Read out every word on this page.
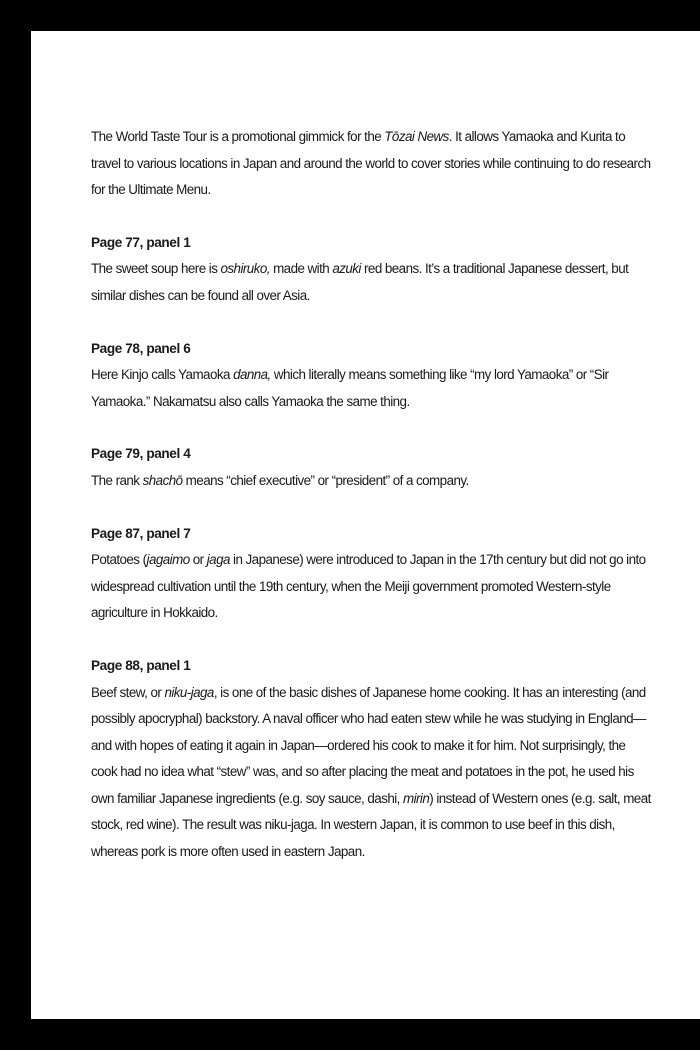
The World Taste Tour is a promotional gimmick for the Tōzai News. It allows Yamaoka and Kurita to travel to various locations in Japan and around the world to cover stories while continuing to do research for the Ultimate Menu.

Page 77, panel 1

The sweet soup here is oshiruko, made with azuki red beans. It’s a traditional Japanese dessert, but similar dishes can be found all over Asia.

Page 78, panel 6

Here Kinjo calls Yamaoka danna, which literally means something like “my lord Yamaoka” or “Sir Yamaoka.” Nakamatsu also calls Yamaoka the same thing.

Page 79, panel 4

The rank shachō means “chief executive” or “president” of a company.

Page 87, panel 7

Potatoes (jagaimo or jaga in Japanese) were introduced to Japan in the 17th century but did not go into widespread cultivation until the 19th century, when the Meiji government promoted Western-style agriculture in Hokkaido.

Page 88, panel 1

Beef stew, or niku-jaga, is one of the basic dishes of Japanese home cooking. It has an interesting (and possibly apocryphal) backstory. A naval officer who had eaten stew while he was studying in England—and with hopes of eating it again in Japan—ordered his cook to make it for him. Not surprisingly, the cook had no idea what “stew” was, and so after placing the meat and potatoes in the pot, he used his own familiar Japanese ingredients (e.g. soy sauce, dashi, mirin) instead of Western ones (e.g. salt, meat stock, red wine). The result was niku-jaga. In western Japan, it is common to use beef in this dish, whereas pork is more often used in eastern Japan.
